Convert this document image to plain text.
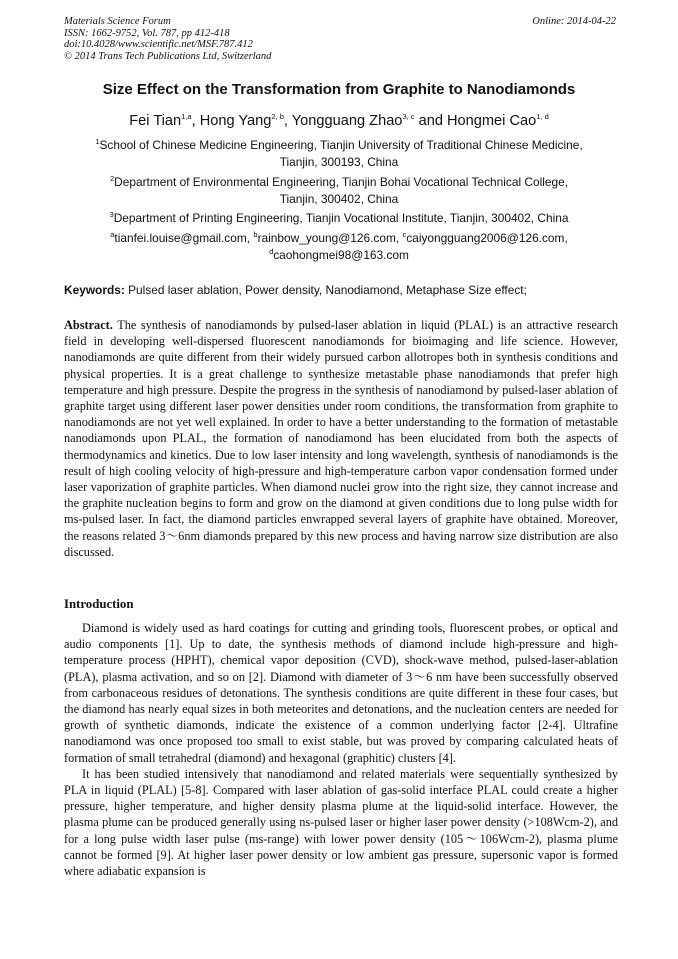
Materials Science Forum
ISSN: 1662-9752, Vol. 787, pp 412-418
doi:10.4028/www.scientific.net/MSF.787.412
© 2014 Trans Tech Publications Ltd, Switzerland
Online: 2014-04-22
Size Effect on the Transformation from Graphite to Nanodiamonds
Fei Tian$^{1,a}$, Hong Yang$^{2, b}$, Yongguang Zhao$^{3, c}$ and Hongmei Cao$^{1, d}$
$^1$School of Chinese Medicine Engineering, Tianjin University of Traditional Chinese Medicine,
Tianjin, 300193, China
$^2$Department of Environmental Engineering, Tianjin Bohai Vocational Technical College,
Tianjin, 300402, China
$^3$Department of Printing Engineering, Tianjin Vocational Institute, Tianjin, 300402, China
$^a$tianfei.louise@gmail.com, $^b$rainbow_young@126.com, $^c$caiyongguang2006@126.com,
$^d$caohongmei98@163.com
Keywords: Pulsed laser ablation, Power density, Nanodiamond, Metaphase Size effect;
Abstract. The synthesis of nanodiamonds by pulsed-laser ablation in liquid (PLAL) is an attractive research field in developing well-dispersed fluorescent nanodiamonds for bioimaging and life science. However, nanodiamonds are quite different from their widely pursued carbon allotropes both in synthesis conditions and physical properties. It is a great challenge to synthesize metastable phase nanodiamonds that prefer high temperature and high pressure. Despite the progress in the synthesis of nanodiamond by pulsed-laser ablation of graphite target using different laser power densities under room conditions, the transformation from graphite to nanodiamonds are not yet well explained. In order to have a better understanding to the formation of metastable nanodiamonds upon PLAL, the formation of nanodiamond has been elucidated from both the aspects of thermodynamics and kinetics. Due to low laser intensity and long wavelength, synthesis of nanodiamonds is the result of high cooling velocity of high-pressure and high-temperature carbon vapor condensation formed under laser vaporization of graphite particles. When diamond nuclei grow into the right size, they cannot increase and the graphite nucleation begins to form and grow on the diamond at given conditions due to long pulse width for ms-pulsed laser. In fact, the diamond particles enwrapped several layers of graphite have obtained. Moreover, the reasons related 3～6nm diamonds prepared by this new process and having narrow size distribution are also discussed.
Introduction

Diamond is widely used as hard coatings for cutting and grinding tools, fluorescent probes, or optical and audio components [1]. Up to date, the synthesis methods of diamond include high-pressure and high-temperature process (HPHT), chemical vapor deposition (CVD), shock-wave method, pulsed-laser-ablation (PLA), plasma activation, and so on [2]. Diamond with diameter of 3～6 nm have been successfully observed from carbonaceous residues of detonations. The synthesis conditions are quite different in these four cases, but the diamond has nearly equal sizes in both meteorites and detonations, and the nucleation centers are needed for growth of synthetic diamonds, indicate the existence of a common underlying factor [2-4]. Ultrafine nanodiamond was once proposed too small to exist stable, but was proved by comparing calculated heats of formation of small tetrahedral (diamond) and hexagonal (graphitic) clusters [4].

It has been studied intensively that nanodiamond and related materials were sequentially synthesized by PLA in liquid (PLAL) [5-8]. Compared with laser ablation of gas-solid interface PLAL could create a higher pressure, higher temperature, and higher density plasma plume at the liquid-solid interface. However, the plasma plume can be produced generally using ns-pulsed laser or higher laser power density (>108Wcm-2), and for a long pulse width laser pulse (ms-range) with lower power density (105～106Wcm-2), plasma plume cannot be formed [9]. At higher laser power density or low ambient gas pressure, supersonic vapor is formed where adiabatic expansion is
